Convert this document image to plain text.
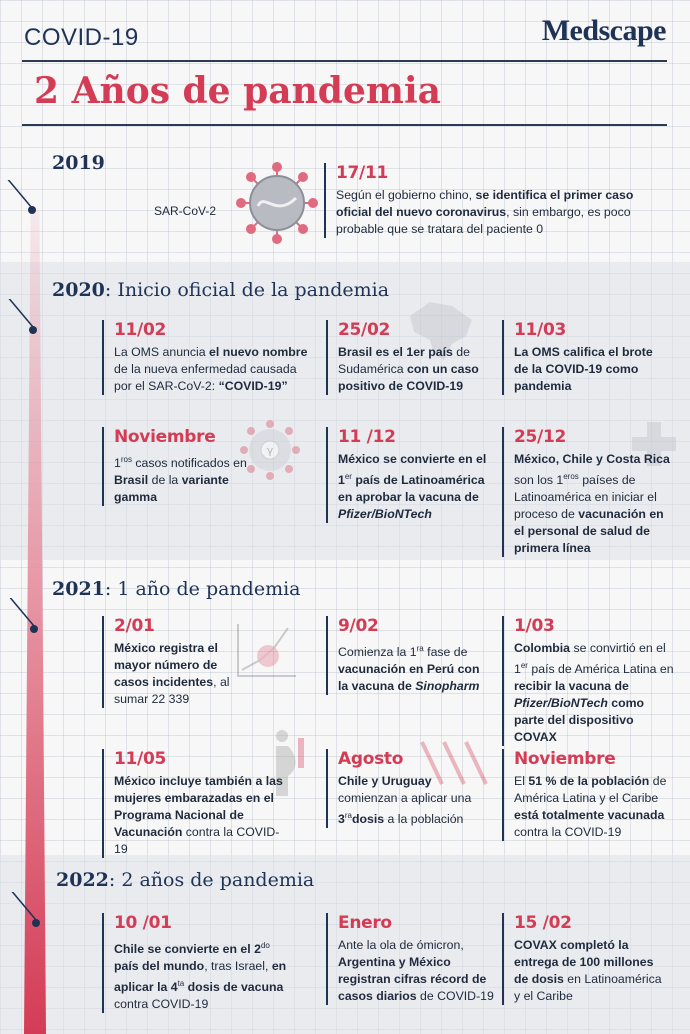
COVID-19	Medscape
2 Años de pandemia
2019
2020: Inicio oficial de la pandemia
2021: 1 año de pandemia
2022: 2 años de pandemia
SAR-CoV-2
γ
17/11
Según el gobierno chino, se identifica el primer caso oficial del nuevo coronavirus, sin embargo, es poco probable que se tratara del paciente 0
11/02
La OMS anuncia el nuevo nombre de la nueva enfermedad causada por el SAR-CoV-2: “COVID-19”
25/02
Brasil es el 1er país de Sudamérica con un caso positivo de COVID-19
11/03
La OMS califica el brote de la COVID-19 como pandemia
Noviembre
$1^{ros}$ casos notificados en Brasil de la variante gamma
11 /12
México se convierte en el 1er país de Latinoamérica en aprobar la vacuna de Pfizer/BioNTech
25/12
México, Chile y Costa Rica son los $1^{eros}$ países de Latinoamérica en iniciar el proceso de vacunación en el personal de salud de primera línea
2/01
México registra el mayor número de casos incidentes, al sumar 22 339
9/02
Comienza la $1^{ra}$ fase de vacunación en Perú con la vacuna de Sinopharm
1/03
Colombia se convirtió en el 1er país de América Latina en recibir la vacuna de Pfizer/BioNTech como parte del dispositivo COVAX
11/05
México incluye también a las mujeres embarazadas en el Programa Nacional de Vacunación contra la COVID-19
Agosto
Chile y Uruguay comienzan a aplicar una $3^{ra}dosis$ a la población
Noviembre
El 51 % de la población de América Latina y el Caribe está totalmente vacunada contra la COVID-19
10 /01
Chile se convierte en el $2^{do}$ país del mundo, tras Israel, en aplicar la $4^{ta}$ dosis de vacuna contra COVID-19
Enero
Ante la ola de ómicron, Argentina y México registran cifras récord de casos diarios de COVID-19
15 /02
COVAX completó la entrega de 100 millones de dosis en Latinoamérica y el Caribe
